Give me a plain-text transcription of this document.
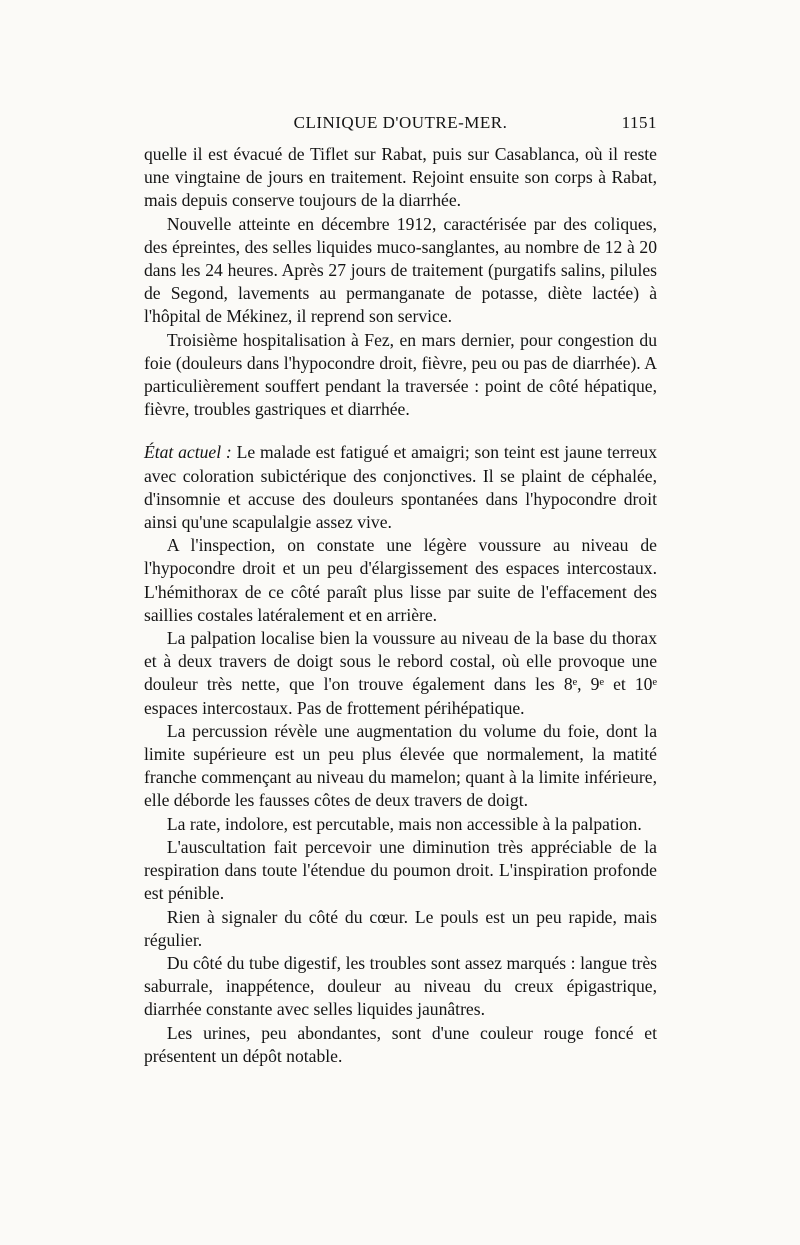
CLINIQUE D'OUTRE-MER.	1151

quelle il est évacué de Tiflet sur Rabat, puis sur Casablanca, où il reste une vingtaine de jours en traitement. Rejoint ensuite son corps à Rabat, mais depuis conserve toujours de la diarrhée.

Nouvelle atteinte en décembre 1912, caractérisée par des coliques, des épreintes, des selles liquides muco-sanglantes, au nombre de 12 à 20 dans les 24 heures. Après 27 jours de traitement (purgatifs salins, pilules de Segond, lavements au permanganate de potasse, diète lactée) à l'hôpital de Mékinez, il reprend son service.

Troisième hospitalisation à Fez, en mars dernier, pour congestion du foie (douleurs dans l'hypocondre droit, fièvre, peu ou pas de diarrhée). A particulièrement souffert pendant la traversée : point de côté hépatique, fièvre, troubles gastriques et diarrhée.

État actuel : Le malade est fatigué et amaigri; son teint est jaune terreux avec coloration subictérique des conjonctives. Il se plaint de céphalée, d'insomnie et accuse des douleurs spontanées dans l'hypocondre droit ainsi qu'une scapulalgie assez vive.

A l'inspection, on constate une légère voussure au niveau de l'hypocondre droit et un peu d'élargissement des espaces intercostaux. L'hémithorax de ce côté paraît plus lisse par suite de l'effacement des saillies costales latéralement et en arrière.

La palpation localise bien la voussure au niveau de la base du thorax et à deux travers de doigt sous le rebord costal, où elle provoque une douleur très nette, que l'on trouve également dans les 8ᵉ, 9ᵉ et 10ᵉ espaces intercostaux. Pas de frottement périhépatique.

La percussion révèle une augmentation du volume du foie, dont la limite supérieure est un peu plus élevée que normalement, la matité franche commençant au niveau du mamelon; quant à la limite inférieure, elle déborde les fausses côtes de deux travers de doigt.

La rate, indolore, est percutable, mais non accessible à la palpation.

L'auscultation fait percevoir une diminution très appréciable de la respiration dans toute l'étendue du poumon droit. L'inspiration profonde est pénible.

Rien à signaler du côté du cœur. Le pouls est un peu rapide, mais régulier.

Du côté du tube digestif, les troubles sont assez marqués : langue très saburrale, inappétence, douleur au niveau du creux épigastrique, diarrhée constante avec selles liquides jaunâtres.

Les urines, peu abondantes, sont d'une couleur rouge foncé et présentent un dépôt notable.
